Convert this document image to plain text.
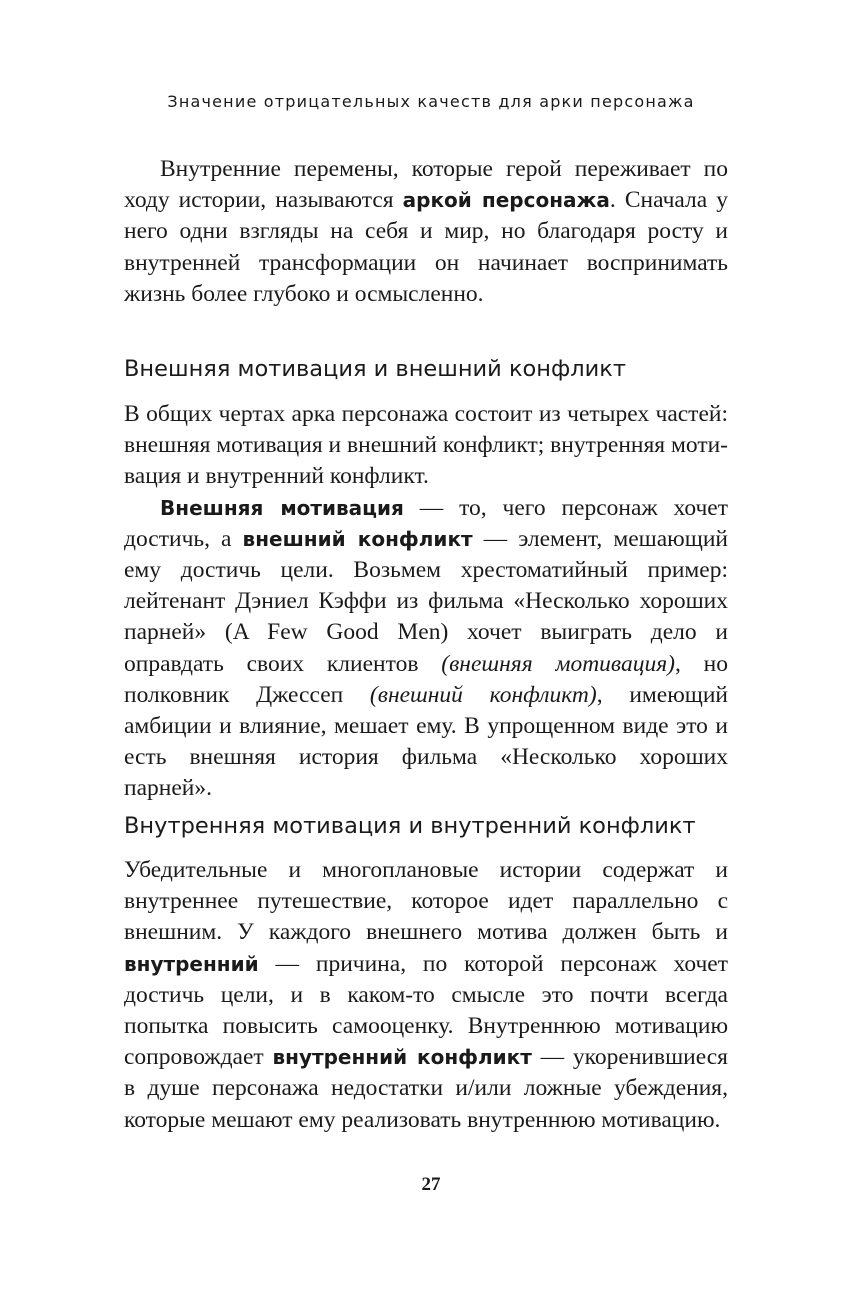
Значение отрицательных качеств для арки персонажа

Внутренние перемены, которые герой переживает по ходу истории, называются аркой персонажа. Сначала у него одни взгляды на себя и мир, но благодаря росту и внутренней трансформации он начинает воспринимать жизнь более глубоко и осмысленно.

Внешняя мотивация и внешний конфликт

В общих чертах арка персонажа состоит из четырех частей: внешняя мотивация и внешний конфликт; внутренняя мотивация и внутренний конфликт.

Внешняя мотивация — то, чего персонаж хочет достичь, а внешний конфликт — элемент, мешающий ему достичь цели. Возьмем хрестоматийный пример: лейтенант Дэниел Кэффи из фильма «Несколько хороших парней» (A Few Good Men) хочет выиграть дело и оправдать своих клиентов (внешняя мотивация), но полковник Джессеп (внешний конфликт), имеющий амбиции и влияние, мешает ему. В упрощенном виде это и есть внешняя история фильма «Несколько хороших парней».

Внутренняя мотивация и внутренний конфликт

Убедительные и многоплановые истории содержат и внутреннее путешествие, которое идет параллельно с внешним. У каждого внешнего мотива должен быть и внутренний — причина, по которой персонаж хочет достичь цели, и в каком-то смысле это почти всегда попытка повысить самооценку. Внутреннюю мотивацию сопровождает внутренний конфликт — укоренившиеся в душе персонажа недостатки и/или ложные убеждения, которые мешают ему реализовать внутреннюю мотивацию.

27
